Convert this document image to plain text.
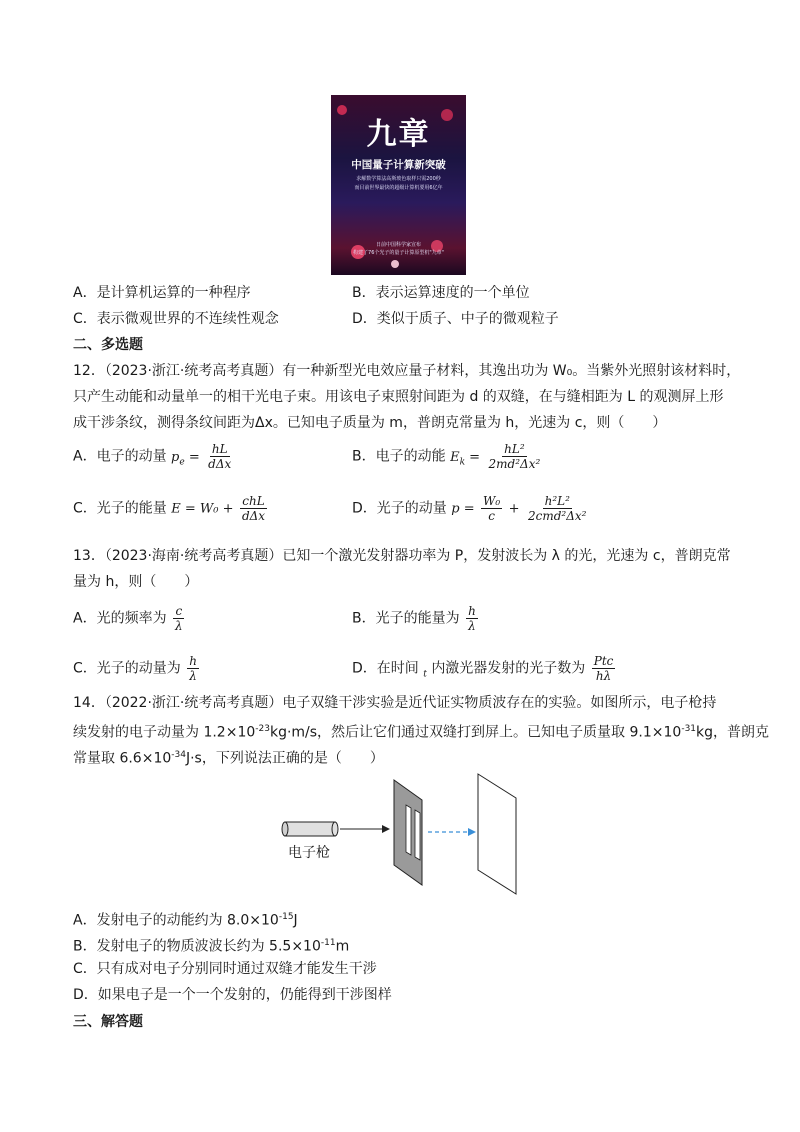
九章
中国量子计算新突破
求解数学算法高斯玻色取样只需200秒
而目前世界最快的超级计算机要用6亿年
日前中国科学家宣布
构建了76个光子的量子计算原型机"九章"
A．是计算机运算的一种程序	B．表示运算速度的一个单位
C．表示微观世界的不连续性观念	D．类似于质子、中子的微观粒子
二、多选题
12．（2023·浙江·统考高考真题）有一种新型光电效应量子材料，其逸出功为 W₀。当紫外光照射该材料时，
只产生动能和动量单一的相干光电子束。用该电子束照射间距为 d 的双缝，在与缝相距为 L 的观测屏上形
成干涉条纹，测得条纹间距为Δx。已知电子质量为 m，普朗克常量为 h，光速为 c，则（　　）
A．电子的动量 $p_e = \frac{hL}{\text{dΔx}}$	B．电子的动能 $E_k = \frac{\text{hL²}}{\text{2md²Δx²}}$
C．光子的能量 $E = W_0 + \frac{\text{chL}}{\text{dΔx}}$	D．光子的动量 $p = \frac{\text{W₀}}{c} + \frac{\text{h²L²}}{\text{2cmd²Δx²}}$
13．（2023·海南·统考高考真题）已知一个激光发射器功率为 P，发射波长为 λ 的光，光速为 c，普朗克常
量为 h，则（　　）
A．光的频率为 $\frac{c}{\lambda}$	B．光子的能量为 $\frac{h}{\lambda}$
C．光子的动量为 $\frac{h}{\lambda}$	D．在时间 $_t$ 内激光器发射的光子数为 $\frac{\text{Ptc}}{h\lambda}$
14．（2022·浙江·统考高考真题）电子双缝干涉实验是近代证实物质波存在的实验。如图所示，电子枪持
续发射的电子动量为 $1.2\times 10^{-23}kg\cdot m/s$，然后让它们通过双缝打到屏上。已知电子质量取 $9.1\times 10^{-31}kg$，普朗克
常量取 $6.6\times 10^{-34}J\cdot s$，下列说法正确的是（　　）
电子枪
A．发射电子的动能约为 $8.0\times 10^{-15}J$
B．发射电子的物质波波长约为 $5.5\times 10^{-11}m$
C．只有成对电子分别同时通过双缝才能发生干涉
D．如果电子是一个一个发射的，仍能得到干涉图样
三、解答题
